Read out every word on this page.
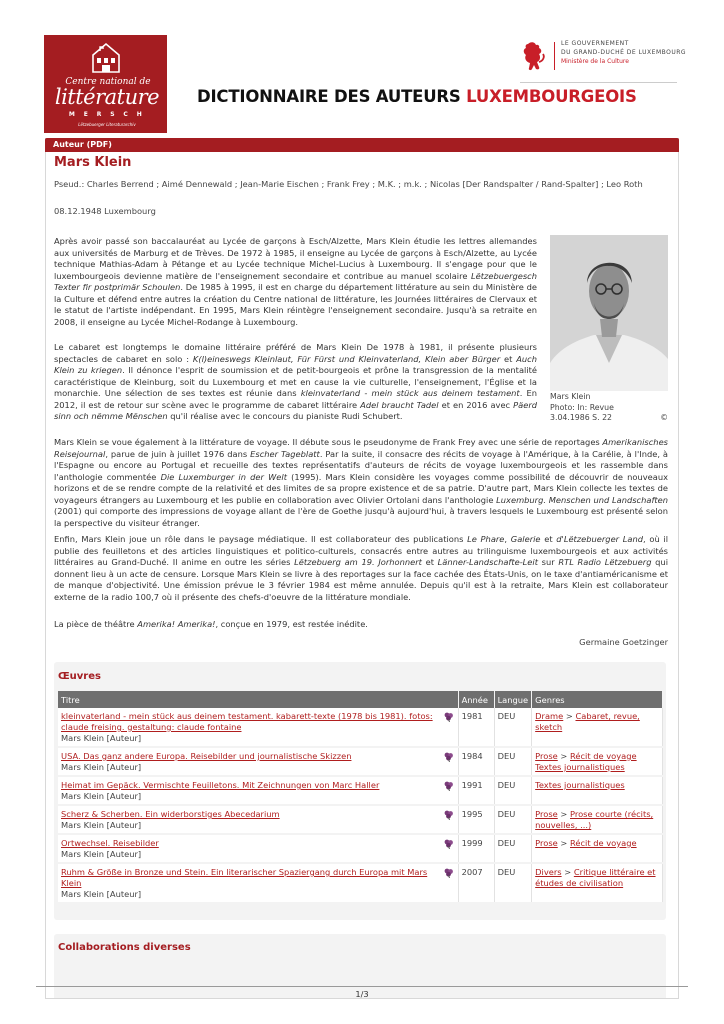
Centre national de
littérature
M E R S C H
Lëtzebuerger Literaturarchiv
LE GOUVERNEMENT
DU GRAND-DUCHÉ DE LUXEMBOURG
Ministère de la Culture
DICTIONNAIRE DES AUTEURS LUXEMBOURGEOIS
Auteur (PDF)
Mars Klein
Pseud.: Charles Berrend ; Aimé Dennewald ; Jean-Marie Eischen ; Frank Frey ; M.K. ; m.k. ; Nicolas [Der Randspalter / Rand-Spalter] ; Leo Roth
08.12.1948 Luxembourg

Après avoir passé son baccalauréat au Lycée de garçons à Esch/Alzette, Mars Klein étudie les lettres allemandes aux universités de Marburg et de Trèves. De 1972 à 1985, il enseigne au Lycée de garçons à Esch/Alzette, au Lycée technique Mathias-Adam à Pétange et au Lycée technique Michel-Lucius à Luxembourg. Il s'engage pour que le luxembourgeois devienne matière de l'enseignement secondaire et contribue au manuel scolaire Lëtzebuergesch Texter fir postprimär Schoulen. De 1985 à 1995, il est en charge du département littérature au sein du Ministère de la Culture et défend entre autres la création du Centre national de littérature, les Journées littéraires de Clervaux et le statut de l'artiste indépendant. En 1995, Mars Klein réintègre l'enseignement secondaire. Jusqu'à sa retraite en 2008, il enseigne au Lycée Michel-Rodange à Luxembourg.

Le cabaret est longtemps le domaine littéraire préféré de Mars Klein De 1978 à 1981, il présente plusieurs spectacles de cabaret en solo : K(l)eineswegs Kleinlaut, Für Fürst und Kleinvaterland, Klein aber Bürger et Auch Klein zu kriegen. Il dénonce l'esprit de soumission et de petit-bourgeois et prône la transgression de la mentalité caractéristique de Kleinburg, soit du Luxembourg et met en cause la vie culturelle, l'enseignement, l'Église et la monarchie. Une sélection de ses textes est réunie dans kleinvaterland - mein stück aus deinem testament. En 2012, il est de retour sur scène avec le programme de cabaret littéraire Adel braucht Tadel et en 2016 avec Päerd sinn och nëmme Mënschen qu'il réalise avec le concours du pianiste Rudi Schubert.

Mars Klein
Photo: In: Revue
3.04.1986 S. 22	©

Mars Klein se voue également à la littérature de voyage. Il débute sous le pseudonyme de Frank Frey avec une série de reportages Amerikanisches Reisejournal, parue de juin à juillet 1976 dans Escher Tageblatt. Par la suite, il consacre des récits de voyage à l'Amérique, à la Carélie, à l'Inde, à l'Espagne ou encore au Portugal et recueille des textes représentatifs d'auteurs de récits de voyage luxembourgeois et les rassemble dans l'anthologie commentée Die Luxemburger in der Welt (1995). Mars Klein considère les voyages comme possibilité de découvrir de nouveaux horizons et de se rendre compte de la relativité et des limites de sa propre existence et de sa patrie. D'autre part, Mars Klein collecte les textes de voyageurs étrangers au Luxembourg et les publie en collaboration avec Olivier Ortolani dans l'anthologie Luxemburg. Menschen und Landschaften (2001) qui comporte des impressions de voyage allant de l'ère de Goethe jusqu'à aujourd'hui, à travers lesquels le Luxembourg est présenté selon la perspective du visiteur étranger.

Enfin, Mars Klein joue un rôle dans le paysage médiatique. Il est collaborateur des publications Le Phare, Galerie et d'Lëtzebuerger Land, où il publie des feuilletons et des articles linguistiques et politico-culturels, consacrés entre autres au trilinguisme luxembourgeois et aux activités littéraires au Grand-Duché. Il anime en outre les séries Lëtzebuerg am 19. Jorhonnert et Länner-Landschafte-Leit sur RTL Radio Lëtzebuerg qui donnent lieu à un acte de censure. Lorsque Mars Klein se livre à des reportages sur la face cachée des États-Unis, on le taxe d'antiaméricanisme et de manque d'objectivité. Une émission prévue le 3 février 1984 est même annulée. Depuis qu'il est à la retraite, Mars Klein est collaborateur externe de la radio 100,7 où il présente des chefs-d'oeuvre de la littérature mondiale.

La pièce de théâtre Amerika! Amerika!, conçue en 1979, est restée inédite.

Germaine Goetzinger
Œuvres
Titre	Année	Langue	Genres
kleinvaterland - mein stück aus deinem testament. kabarett-texte (1978 bis 1981). fotos: claude freising. gestaltung: claude fontaine

Mars Klein [Auteur]	1981	DEU	Drame > Cabaret, revue, sketch
USA. Das ganz andere Europa. Reisebilder und journalistische Skizzen

Mars Klein [Auteur]	1984	DEU	Prose > Récit de voyage
Textes journalistiques
Heimat im Gepäck. Vermischte Feuilletons. Mit Zeichnungen von Marc Haller

Mars Klein [Auteur]	1991	DEU	Textes journalistiques
Scherz & Scherben. Ein widerborstiges Abecedarium

Mars Klein [Auteur]	1995	DEU	Prose > Prose courte (récits, nouvelles, ...)
Ortwechsel. Reisebilder

Mars Klein [Auteur]	1999	DEU	Prose > Récit de voyage
Ruhm & Größe in Bronze und Stein. Ein literarischer Spaziergang durch Europa mit Mars Klein

Mars Klein [Auteur]	2007	DEU	Divers > Critique littéraire et études de civilisation
Collaborations diverses
1/3
